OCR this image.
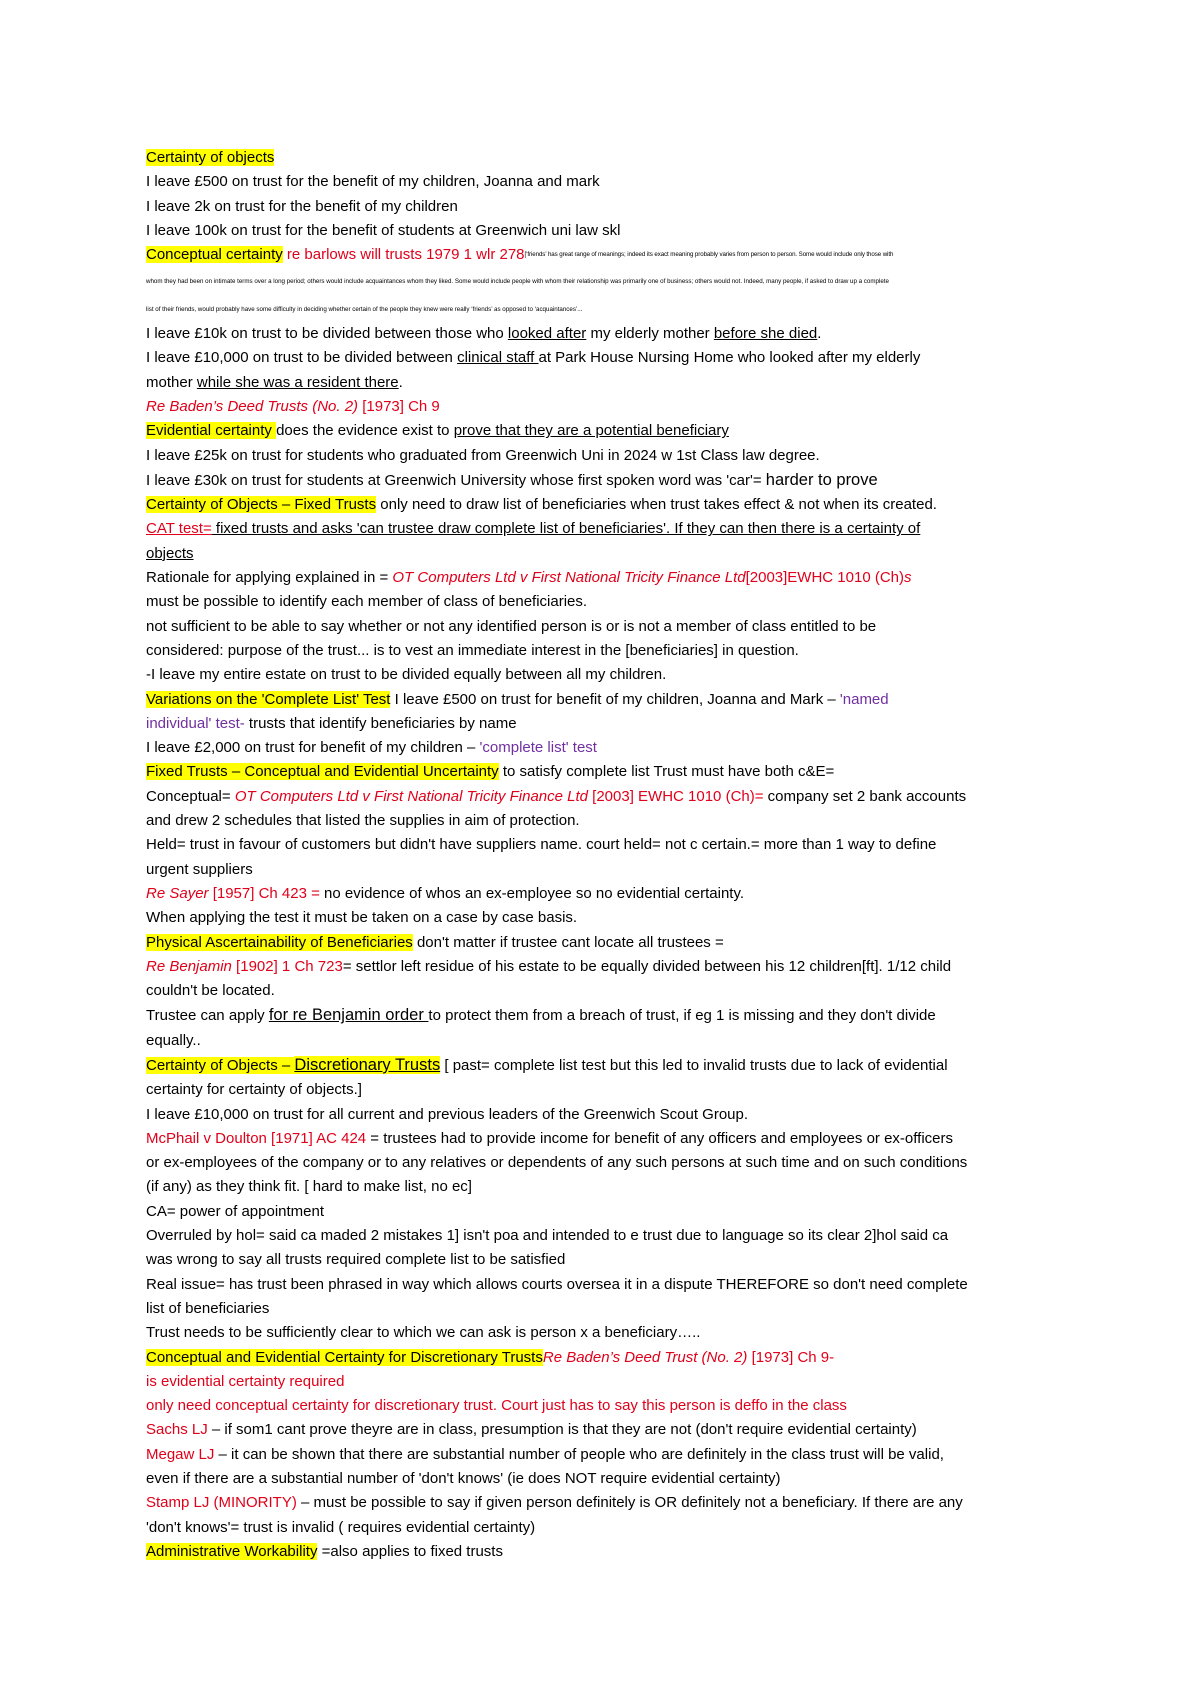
Certainty of objects
I leave £500 on trust for the benefit of my children, Joanna and mark
I leave 2k on trust for the benefit of my children
I leave 100k on trust for the benefit of students at Greenwich uni law skl
Conceptual certainty re barlows will trusts 1979 1 wlr $278^{[‘friends’ has great range of meanings; indeed its exact meaning probably varies from person to person. Some would include only those with}$
whom they had been on intimate terms over a long period; others would include acquaintances whom they liked. Some would include people with whom their relationship was primarily one of business; others would not. Indeed, many people, if asked to draw up a complete
list of their friends, would probably have some difficulty in deciding whether certain of the people they knew were really ‘friends’ as opposed to ‘acquaintances’...
I leave £10k on trust to be divided between those who looked after my elderly mother before she died.
I leave £10,000 on trust to be divided between clinical staff at Park House Nursing Home who looked after my elderly
mother while she was a resident there.
Re Baden’s Deed Trusts (No. 2) [1973] Ch 9
Evidential certainty does the evidence exist to prove that they are a potential beneficiary
I leave £25k on trust for students who graduated from Greenwich Uni in 2024 w 1st Class law degree.
I leave £30k on trust for students at Greenwich University whose first spoken word was 'car'= harder to prove
Certainty of Objects – Fixed Trusts only need to draw list of beneficiaries when trust takes effect & not when its created.
CAT test= fixed trusts and asks 'can trustee draw complete list of beneficiaries'. If they can then there is a certainty of
objects
Rationale for applying explained in = OT Computers Ltd v First National Tricity Finance Ltd[2003]EWHC 1010 (Ch)s
must be possible to identify each member of class of beneficiaries.
not sufficient to be able to say whether or not any identified person is or is not a member of class entitled to be
considered: purpose of the trust... is to vest an immediate interest in the [beneficiaries] in question.
-I leave my entire estate on trust to be divided equally between all my children.
Variations on the 'Complete List' Test I leave £500 on trust for benefit of my children, Joanna and Mark – 'named
individual' test- trusts that identify beneficiaries by name
I leave £2,000 on trust for benefit of my children – 'complete list' test
Fixed Trusts – Conceptual and Evidential Uncertainty to satisfy complete list Trust must have both c&E=
Conceptual= OT Computers Ltd v First National Tricity Finance Ltd [2003] EWHC 1010 (Ch)= company set 2 bank accounts
and drew 2 schedules that listed the supplies in aim of protection.
Held= trust in favour of customers but didn't have suppliers name. court held= not c certain.= more than 1 way to define
urgent suppliers
Re Sayer [1957] Ch 423 = no evidence of whos an ex-employee so no evidential certainty.
When applying the test it must be taken on a case by case basis.
Physical Ascertainability of Beneficiaries don't matter if trustee cant locate all trustees =
Re Benjamin [1902] 1 Ch 723= settlor left residue of his estate to be equally divided between his 12 children[ft]. 1/12 child
couldn't be located.
Trustee can apply for re Benjamin order to protect them from a breach of trust, if eg 1 is missing and they don't divide
equally..
Certainty of Objects – Discretionary Trusts [ past= complete list test but this led to invalid trusts due to lack of evidential
certainty for certainty of objects.]
I leave £10,000 on trust for all current and previous leaders of the Greenwich Scout Group.
McPhail v Doulton [1971] AC 424 = trustees had to provide income for benefit of any officers and employees or ex-officers
or ex-employees of the company or to any relatives or dependents of any such persons at such time and on such conditions
(if any) as they think fit. [ hard to make list, no ec]
CA= power of appointment
Overruled by hol= said ca maded 2 mistakes 1] isn't poa and intended to e trust due to language so its clear 2]hol said ca
was wrong to say all trusts required complete list to be satisfied
Real issue= has trust been phrased in way which allows courts oversea it in a dispute THEREFORE so don't need complete
list of beneficiaries
Trust needs to be sufficiently clear to which we can ask is person x a beneficiary…..
Conceptual and Evidential Certainty for Discretionary TrustsRe Baden’s Deed Trust (No. 2) [1973] Ch 9-
is evidential certainty required
only need conceptual certainty for discretionary trust. Court just has to say this person is deffo in the class
Sachs LJ – if som1 cant prove theyre are in class, presumption is that they are not (don't require evidential certainty)
Megaw LJ – it can be shown that there are substantial number of people who are definitely in the class trust will be valid,
even if there are a substantial number of 'don't knows' (ie does NOT require evidential certainty)
Stamp LJ (MINORITY) – must be possible to say if given person definitely is OR definitely not a beneficiary. If there are any
'don't knows'= trust is invalid ( requires evidential certainty)
Administrative Workability =also applies to fixed trusts
